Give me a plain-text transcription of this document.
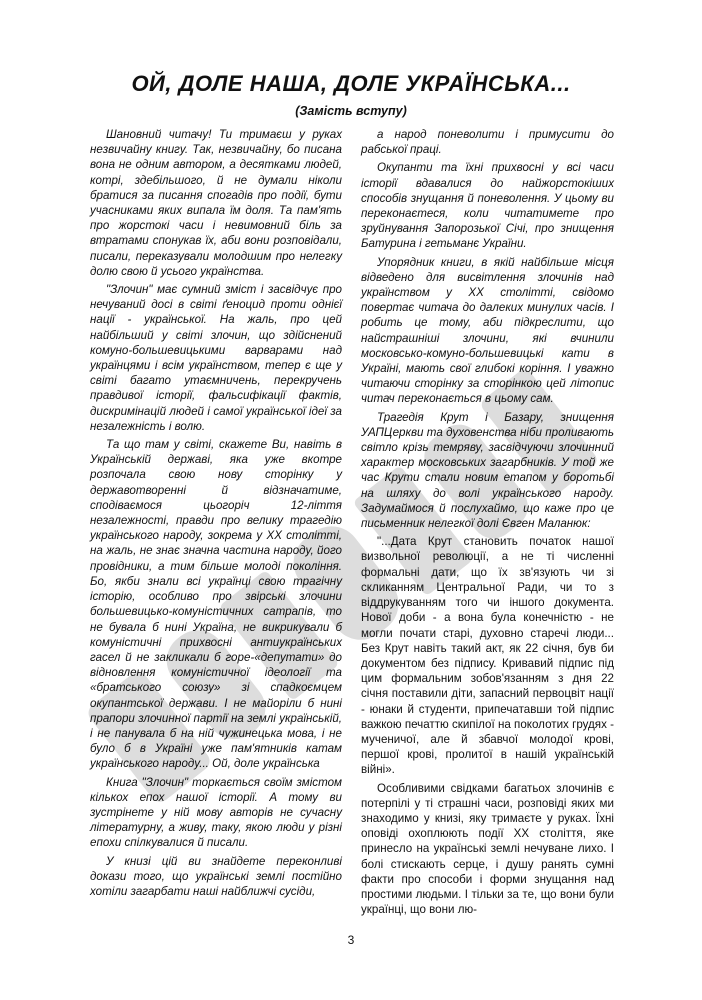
ОЙ, ДОЛЕ НАША, ДОЛЕ УКРАЇНСЬКА...
(Замість вступу)

Шановний читачу! Ти тримаєш у руках незвичайну книгу. Так, незвичайну, бо писана вона не одним автором, а десятками людей, котрі, здебільшого, й не думали ніколи братися за писання спогадів про події, бути учасниками яких випала їм доля. Та пам'ять про жорстокі часи і невимовний біль за втратами спонукав їх, аби вони розповідали, писали, переказували молодшим про нелегку долю свою й усього українства.

"Злочин" має сумний зміст і засвідчує про нечуваний досі в світі ґеноцид проти однієї нації - української. На жаль, про цей найбільший у світі злочин, що здійснений комуно-большевицькими варварами над українцями і всім українством, тепер є ще у світі багато утаємничень, перекручень правдивої історії, фальсифікації фактів, дискримінацій людей і самої української ідеї за незалежність і волю.

Та що там у світі, скажете Ви, навіть в Українській державі, яка уже вкотре розпочала свою нову сторінку у державотворенні й відзначатиме, сподіваємося цьогоріч 12-ліття незалежності, правди про велику трагедію українського народу, зокрема у ХХ столітті, на жаль, не знає значна частина народу, його провідники, а тим більше молоді покоління. Бо, якби знали всі українці свою трагічну історію, особливо про звірські злочини большевицько-комуністичних сатрапів, то не бувала б нині Україна, не викрикували б комуністичні прихвосні антиукраїнських гасел й не закликали б горе-«депутати» до відновлення комуністичної ідеології та «братського союзу» зі спадкоємцем окупантської держави. І не майоріли б нині прапори злочинної партії на землі українській, і не панувала б на ній чужинецька мова, і не було б в Україні уже пам'ятників катам українського народу... Ой, доле українська

Книга "Злочин" торкається своїм змістом кількох епох нашої історії. А тому ви зустрінете у ній мову авторів не сучасну літературну, а живу, таку, якою люди у різні епохи спілкувалися й писали.

У книзі цій ви знайдете переконливі докази того, що українські землі постійно хотіли загарбати наші найближчі сусіди,

а народ поневолити і примусити до рабської праці.

Окупанти та їхні прихвосні у всі часи історії вдавалися до найжорстокіших способів знущання й поневолення. У цьому ви переконаєтеся, коли читатимете про зруйнування Запорозької Січі, про знищення Батурина і гетьманє України.

Упорядник книги, в якій найбільше місця відведено для висвітлення злочинів над українством у ХХ столітті, свідомо повертає читача до далеких минулих часів. І робить це тому, аби підкреслити, що найстрашніші злочини, які вчинили московсько-комуно-большевицькі кати в Україні, мають свої глибокі коріння. І уважно читаючи сторінку за сторінкою цей літопис читач переконається в цьому сам.

Трагедія Крут і Базару, знищення УАПЦеркви та духовенства ніби проливають світло крізь темряву, засвідчуючи злочинний характер московських загарбників. У той же час Крути стали новим етапом у боротьбі на шляху до волі українського народу. Задумаймося й послухаймо, що каже про це письменник нелегкої долі Євген Маланюк:

"...Дата Крут становить початок нашої визвольної революції, а не ті численні формальні дати, що їх зв'язують чи зі скликанням Центральної Ради, чи то з віддрукуванням того чи іншого документа. Нової доби - а вона була конечністю - не могли почати старі, духовно старечі люди... Без Крут навіть такий акт, як 22 січня, був би документом без підпису. Кривавий підпис під цим формальним зобов'язанням з дня 22 січня поставили діти, запасний первоцвіт нації - юнаки й студенти, припечатавши той підпис важкою печаттю скипілої на поколотих грудях - мученичої, але й збавчої молодої крові, першої крові, пролитої в нашій українській війні».

Особливими свідками багатьох злочинів є потерпілі у ті страшні часи, розповіді яких ми знаходимо у книзі, яку тримаєте у руках. Їхні оповіді охоплюють події ХХ століття, яке принесло на українські землі нечуване лихо. І болі стискають серце, і душу ранять сумні факти про способи і форми знущання над простими людьми. І тільки за те, що вони були українці, що вони лю-

3
